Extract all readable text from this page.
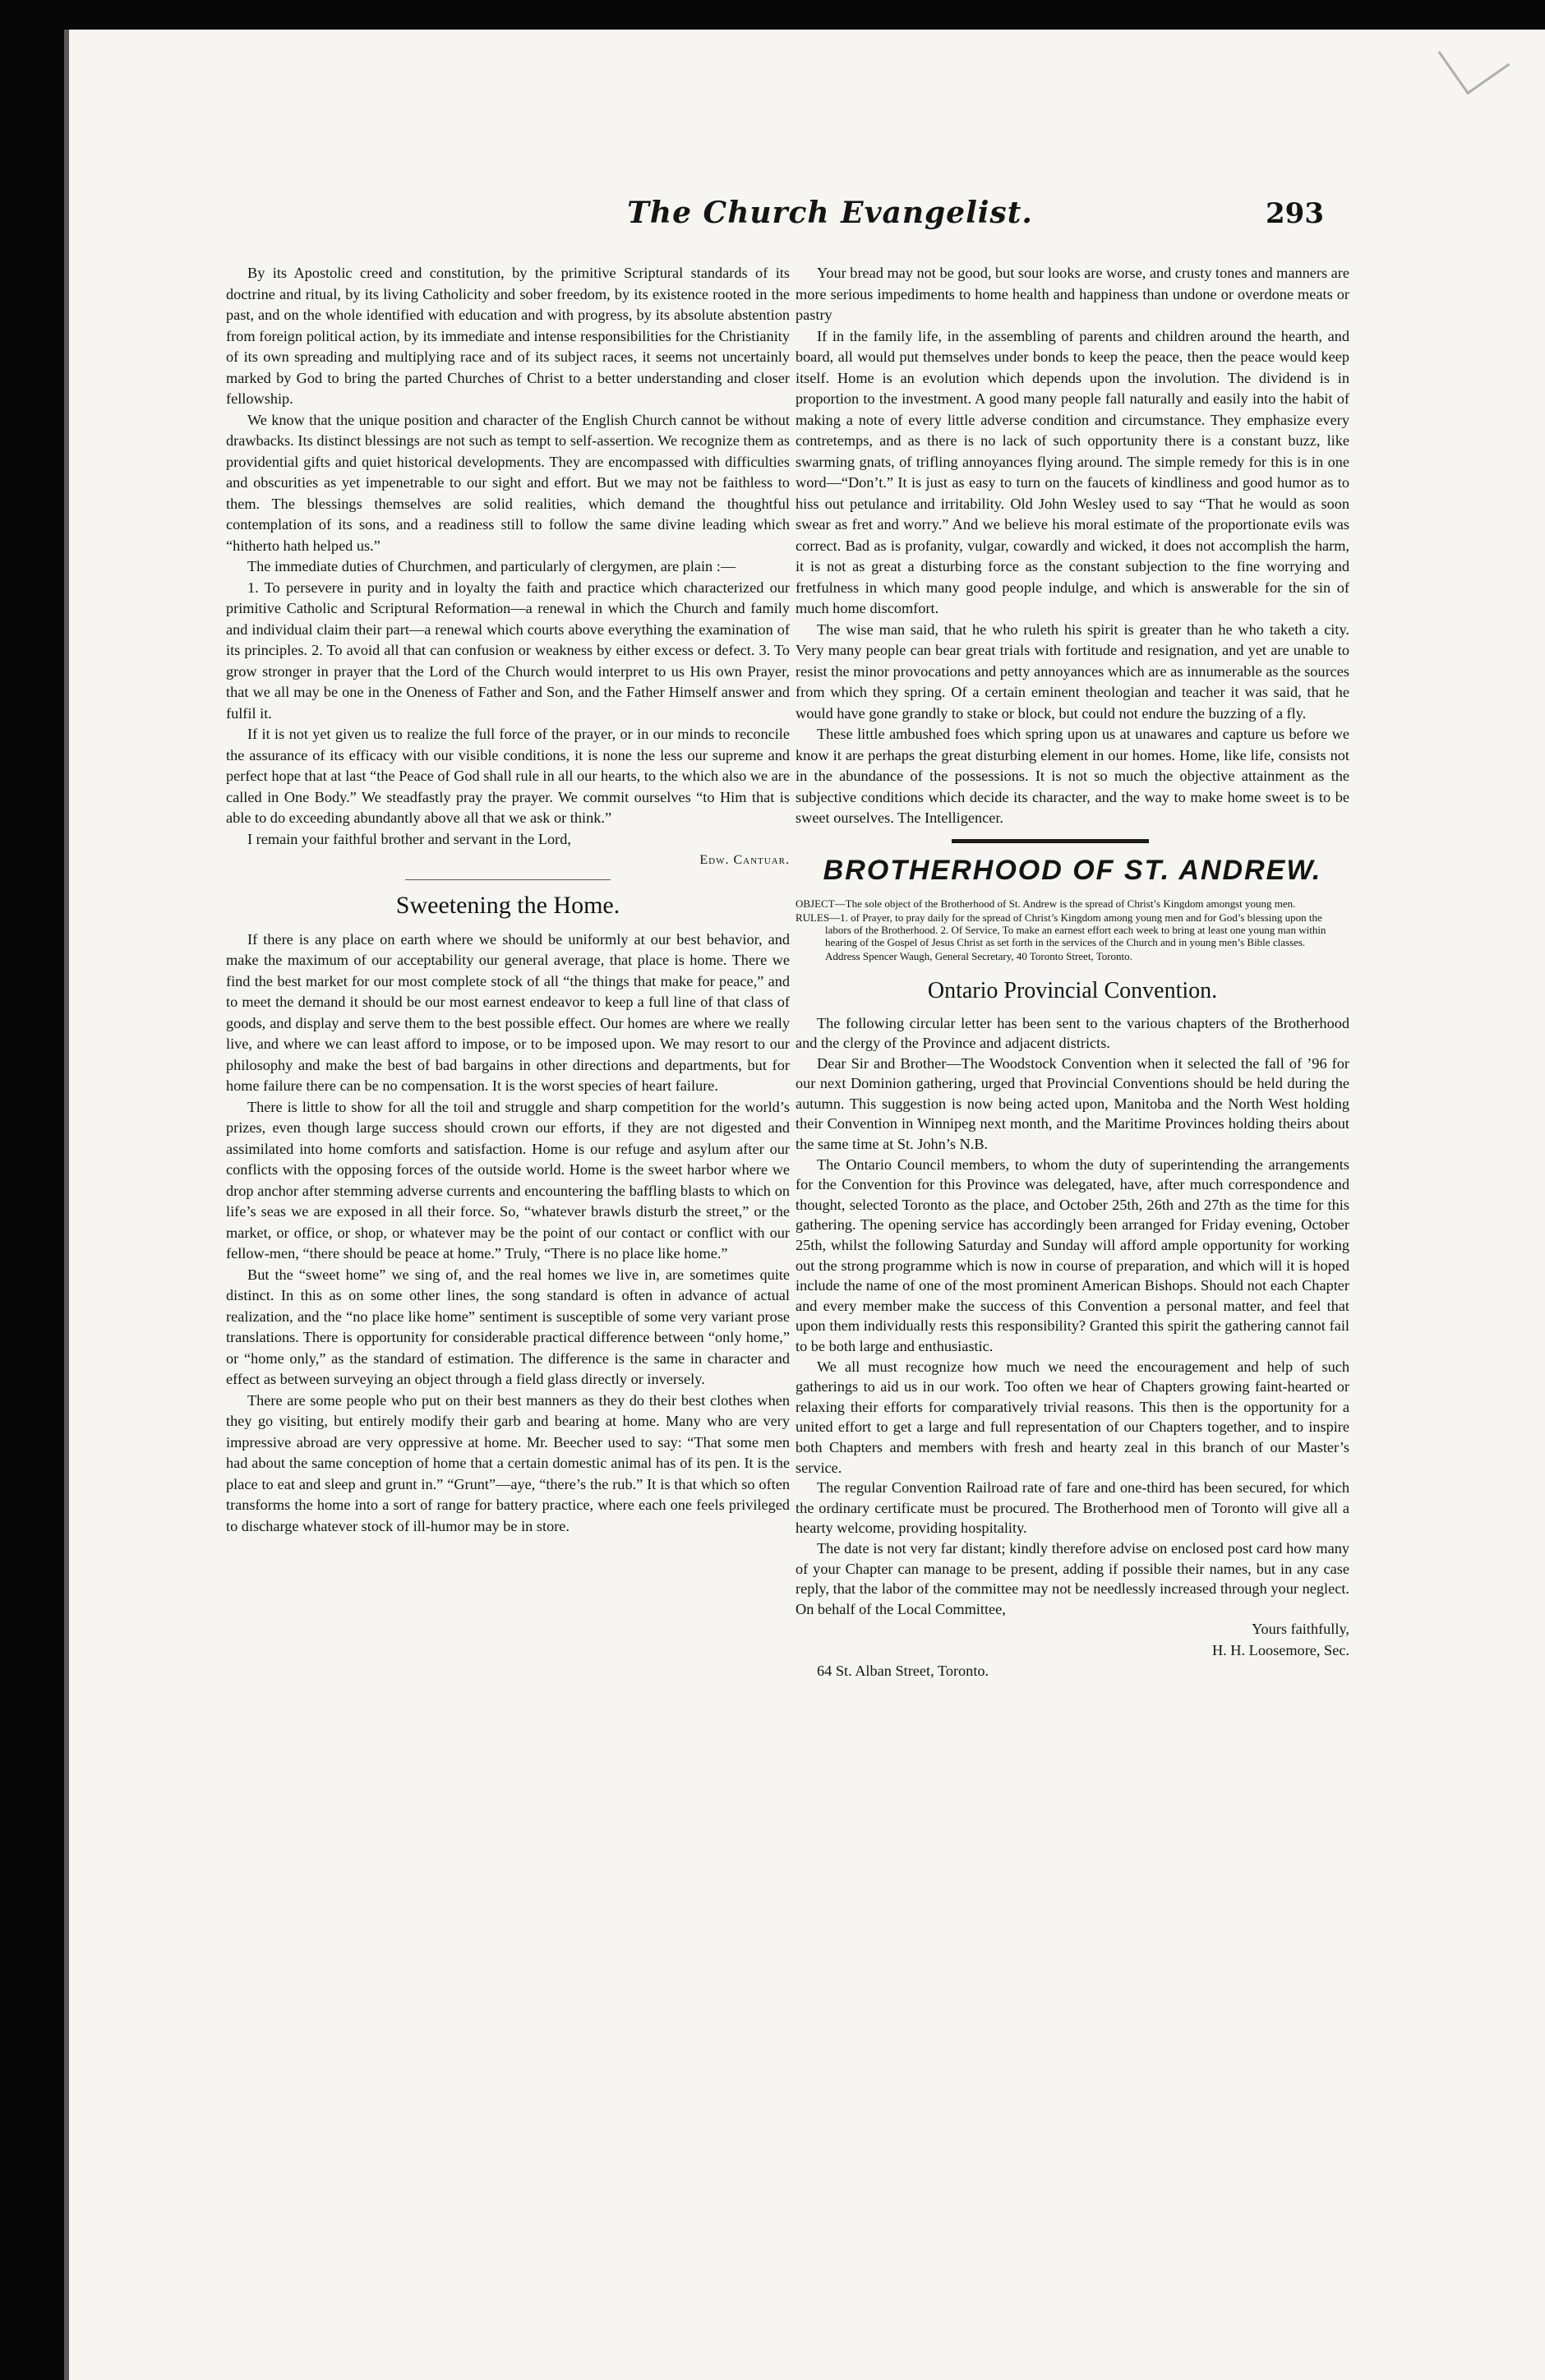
The Church Evangelist.	293

By its Apostolic creed and constitution, by the primitive Scriptural standards of its doctrine and ritual, by its living Catholicity and sober freedom, by its existence rooted in the past, and on the whole identified with education and with progress, by its absolute abstention from foreign political action, by its immediate and intense responsibilities for the Christianity of its own spreading and multiplying race and of its subject races, it seems not uncertainly marked by God to bring the parted Churches of Christ to a better understanding and closer fellowship.

We know that the unique position and character of the English Church cannot be without drawbacks. Its distinct blessings are not such as tempt to self-assertion. We recognize them as providential gifts and quiet historical developments. They are encompassed with difficulties and obscurities as yet impenetrable to our sight and effort. But we may not be faithless to them. The blessings themselves are solid realities, which demand the thoughtful contemplation of its sons, and a readiness still to follow the same divine leading which “hitherto hath helped us.”

The immediate duties of Churchmen, and particularly of clergymen, are plain :—

1. To persevere in purity and in loyalty the faith and practice which characterized our primitive Catholic and Scriptural Reformation—a renewal in which the Church and family and individual claim their part—a renewal which courts above everything the examination of its principles. 2. To avoid all that can confusion or weakness by either excess or defect. 3. To grow stronger in prayer that the Lord of the Church would interpret to us His own Prayer, that we all may be one in the Oneness of Father and Son, and the Father Himself answer and fulfil it.

If it is not yet given us to realize the full force of the prayer, or in our minds to reconcile the assurance of its efficacy with our visible conditions, it is none the less our supreme and perfect hope that at last “the Peace of God shall rule in all our hearts, to the which also we are called in One Body.” We steadfastly pray the prayer. We commit ourselves “to Him that is able to do exceeding abundantly above all that we ask or think.”

I remain your faithful brother and servant in the Lord,

Edw. Cantuar.

Sweetening the Home.

If there is any place on earth where we should be uniformly at our best behavior, and make the maximum of our acceptability our general average, that place is home. There we find the best market for our most complete stock of all “the things that make for peace,” and to meet the demand it should be our most earnest endeavor to keep a full line of that class of goods, and display and serve them to the best possible effect. Our homes are where we really live, and where we can least afford to impose, or to be imposed upon. We may resort to our philosophy and make the best of bad bargains in other directions and departments, but for home failure there can be no compensation. It is the worst species of heart failure.

There is little to show for all the toil and struggle and sharp competition for the world’s prizes, even though large success should crown our efforts, if they are not digested and assimilated into home comforts and satisfaction. Home is our refuge and asylum after our conflicts with the opposing forces of the outside world. Home is the sweet harbor where we drop anchor after stemming adverse currents and encountering the baffling blasts to which on life’s seas we are exposed in all their force. So, “whatever brawls disturb the street,” or the market, or office, or shop, or whatever may be the point of our contact or conflict with our fellow-men, “there should be peace at home.” Truly, “There is no place like home.”

But the “sweet home” we sing of, and the real homes we live in, are sometimes quite distinct. In this as on some other lines, the song standard is often in advance of actual realization, and the “no place like home” sentiment is susceptible of some very variant prose translations. There is opportunity for considerable practical difference between “only home,” or “home only,” as the standard of estimation. The difference is the same in character and effect as between surveying an object through a field glass directly or inversely.

There are some people who put on their best manners as they do their best clothes when they go visiting, but entirely modify their garb and bearing at home. Many who are very impressive abroad are very oppressive at home. Mr. Beecher used to say: “That some men had about the same conception of home that a certain domestic animal has of its pen. It is the place to eat and sleep and grunt in.” “Grunt”—aye, “there’s the rub.” It is that which so often transforms the home into a sort of range for battery practice, where each one feels privileged to discharge whatever stock of ill-humor may be in store.

Your bread may not be good, but sour looks are worse, and crusty tones and manners are more serious impediments to home health and happiness than undone or overdone meats or pastry

If in the family life, in the assembling of parents and children around the hearth, and board, all would put themselves under bonds to keep the peace, then the peace would keep itself. Home is an evolution which depends upon the involution. The dividend is in proportion to the investment. A good many people fall naturally and easily into the habit of making a note of every little adverse condition and circumstance. They emphasize every contretemps, and as there is no lack of such opportunity there is a constant buzz, like swarming gnats, of trifling annoyances flying around. The simple remedy for this is in one word—“Don’t.” It is just as easy to turn on the faucets of kindliness and good humor as to hiss out petulance and irritability. Old John Wesley used to say “That he would as soon swear as fret and worry.” And we believe his moral estimate of the proportionate evils was correct. Bad as is profanity, vulgar, cowardly and wicked, it does not accomplish the harm, it is not as great a disturbing force as the constant subjection to the fine worrying and fretfulness in which many good people indulge, and which is answerable for the sin of much home discomfort.

The wise man said, that he who ruleth his spirit is greater than he who taketh a city. Very many people can bear great trials with fortitude and resignation, and yet are unable to resist the minor provocations and petty annoyances which are as innumerable as the sources from which they spring. Of a certain eminent theologian and teacher it was said, that he would have gone grandly to stake or block, but could not endure the buzzing of a fly.

These little ambushed foes which spring upon us at unawares and capture us before we know it are perhaps the great disturbing element in our homes. Home, like life, consists not in the abundance of the possessions. It is not so much the objective attainment as the subjective conditions which decide its character, and the way to make home sweet is to be sweet ourselves. The Intelligencer.

BROTHERHOOD OF ST. ANDREW.
OBJECT—The sole object of the Brotherhood of St. Andrew is the spread of Christ’s Kingdom amongst young men.
RULES—1. of Prayer, to pray daily for the spread of Christ’s Kingdom among young men and for God’s blessing upon the labors of the Brotherhood. 2. Of Service, To make an earnest effort each week to bring at least one young man within hearing of the Gospel of Jesus Christ as set forth in the services of the Church and in young men’s Bible classes.
Address Spencer Waugh, General Secretary, 40 Toronto Street, Toronto.
Ontario Provincial Convention.

The following circular letter has been sent to the various chapters of the Brotherhood and the clergy of the Province and adjacent districts.

Dear Sir and Brother—The Woodstock Convention when it selected the fall of ’96 for our next Dominion gathering, urged that Provincial Conventions should be held during the autumn. This suggestion is now being acted upon, Manitoba and the North West holding their Convention in Winnipeg next month, and the Maritime Provinces holding theirs about the same time at St. John’s N.B.

The Ontario Council members, to whom the duty of superintending the arrangements for the Convention for this Province was delegated, have, after much correspondence and thought, selected Toronto as the place, and October 25th, 26th and 27th as the time for this gathering. The opening service has accordingly been arranged for Friday evening, October 25th, whilst the following Saturday and Sunday will afford ample opportunity for working out the strong programme which is now in course of preparation, and which will it is hoped include the name of one of the most prominent American Bishops. Should not each Chapter and every member make the success of this Convention a personal matter, and feel that upon them individually rests this responsibility? Granted this spirit the gathering cannot fail to be both large and enthusiastic.

We all must recognize how much we need the encouragement and help of such gatherings to aid us in our work. Too often we hear of Chapters growing faint-hearted or relaxing their efforts for comparatively trivial reasons. This then is the opportunity for a united effort to get a large and full representation of our Chapters together, and to inspire both Chapters and members with fresh and hearty zeal in this branch of our Master’s service.

The regular Convention Railroad rate of fare and one-third has been secured, for which the ordinary certificate must be procured. The Brotherhood men of Toronto will give all a hearty welcome, providing hospitality.

The date is not very far distant; kindly therefore advise on enclosed post card how many of your Chapter can manage to be present, adding if possible their names, but in any case reply, that the labor of the committee may not be needlessly increased through your neglect. On behalf of the Local Committee,

Yours faithfully,

H. H. Loosemore, Sec.

64 St. Alban Street, Toronto.
